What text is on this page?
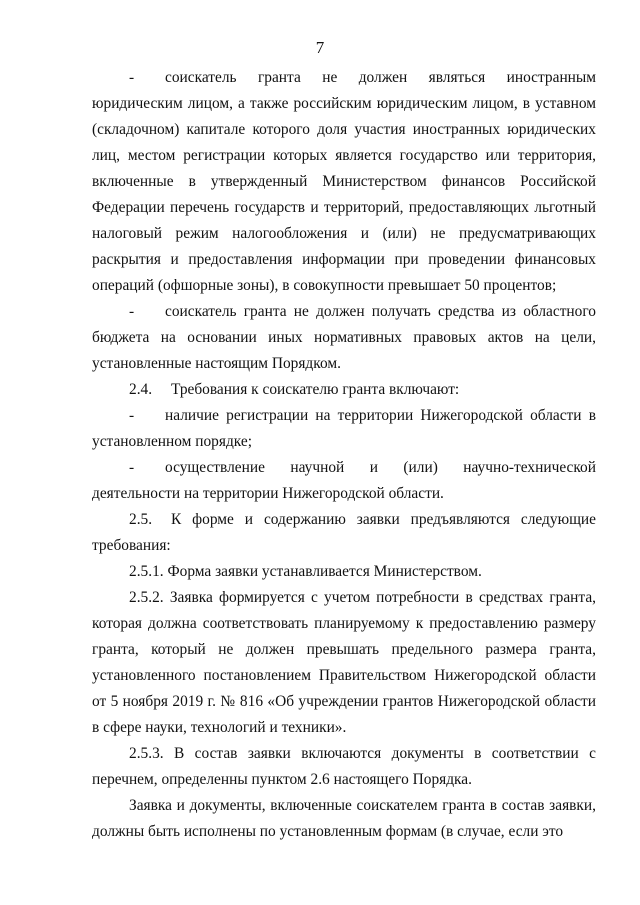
7

- соискатель гранта не должен являться иностранным юридическим лицом, а также российским юридическим лицом, в уставном (складочном) капитале которого доля участия иностранных юридических лиц, местом регистрации которых является государство или территория, включенные в утвержденный Министерством финансов Российской Федерации перечень государств и территорий, предоставляющих льготный налоговый режим налогообложения и (или) не предусматривающих раскрытия и предоставления информации при проведении финансовых операций (офшорные зоны), в совокупности превышает 50 процентов;

- соискатель гранта не должен получать средства из областного бюджета на основании иных нормативных правовых актов на цели, установленные настоящим Порядком.

2.4. Требования к соискателю гранта включают:

- наличие регистрации на территории Нижегородской области в установленном порядке;

- осуществление научной и (или) научно-технической деятельности на территории Нижегородской области.

2.5. К форме и содержанию заявки предъявляются следующие требования:

2.5.1. Форма заявки устанавливается Министерством.

2.5.2. Заявка формируется с учетом потребности в средствах гранта, которая должна соответствовать планируемому к предоставлению размеру гранта, который не должен превышать предельного размера гранта, установленного постановлением Правительством Нижегородской области от 5 ноября 2019 г. № 816 «Об учреждении грантов Нижегородской области в сфере науки, технологий и техники».

2.5.3. В состав заявки включаются документы в соответствии с перечнем, определенны пунктом 2.6 настоящего Порядка.

Заявка и документы, включенные соискателем гранта в состав заявки, должны быть исполнены по установленным формам (в случае, если это
